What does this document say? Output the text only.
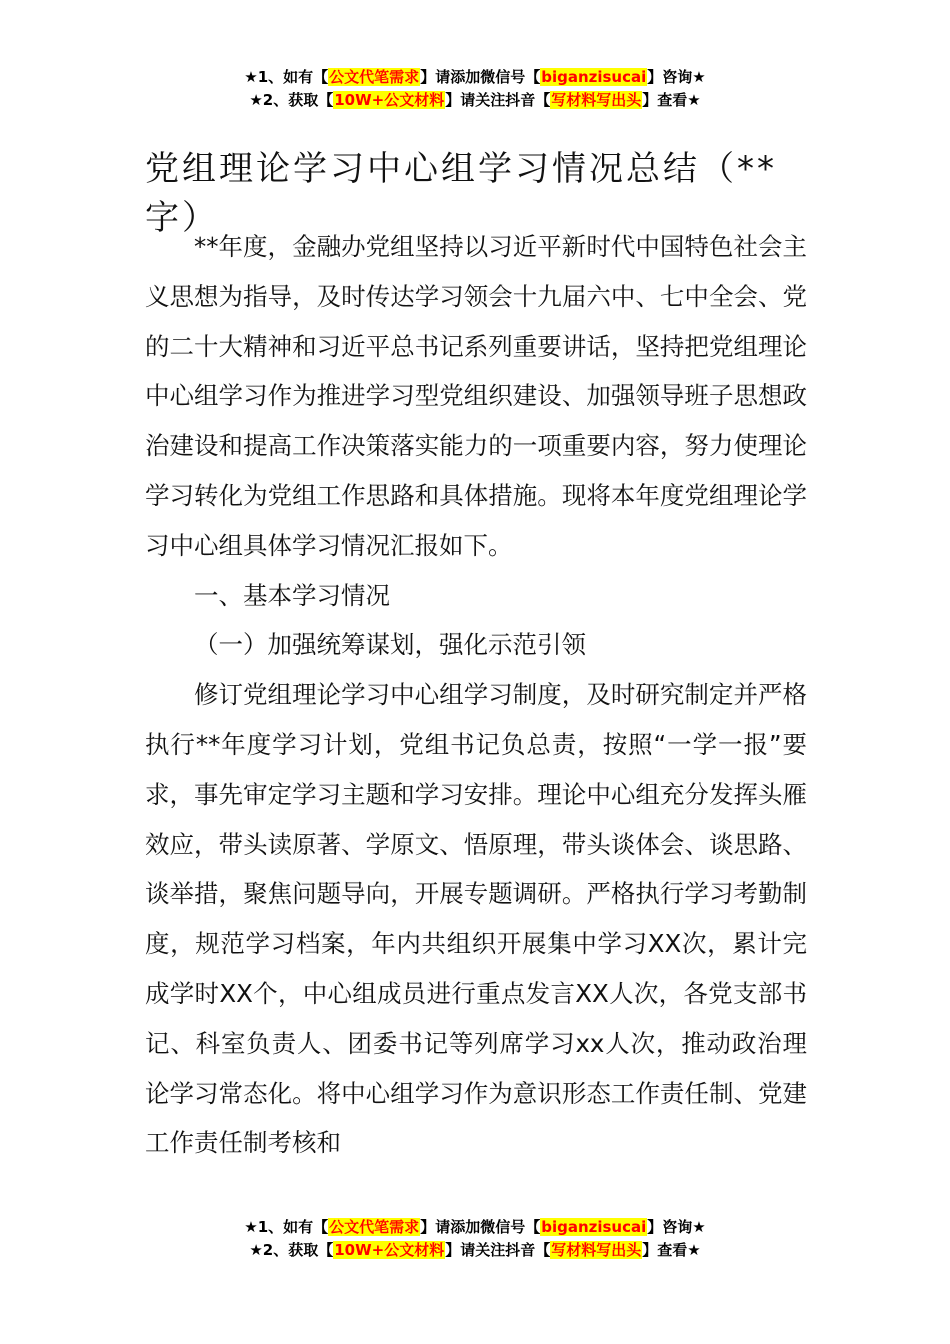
★1、如有【公文代笔需求】请添加微信号【biganzisucai】咨询★
★2、获取【10W+公文材料】请关注抖音【写材料写出头】查看★
党组理论学习中心组学习情况总结（**字）

**年度，金融办党组坚持以习近平新时代中国特色社会主义思想为指导，及时传达学习领会十九届六中、七中全会、党的二十大精神和习近平总书记系列重要讲话，坚持把党组理论中心组学习作为推进学习型党组织建设、加强领导班子思想政治建设和提高工作决策落实能力的一项重要内容，努力使理论学习转化为党组工作思路和具体措施。现将本年度党组理论学习中心组具体学习情况汇报如下。

一、基本学习情况

（一）加强统筹谋划，强化示范引领

修订党组理论学习中心组学习制度，及时研究制定并严格执行**年度学习计划，党组书记负总责，按照“一学一报”要求，事先审定学习主题和学习安排。理论中心组充分发挥头雁效应，带头读原著、学原文、悟原理，带头谈体会、谈思路、谈举措，聚焦问题导向，开展专题调研。严格执行学习考勤制度，规范学习档案，年内共组织开展集中学习XX次，累计完成学时XX个，中心组成员进行重点发言XX人次，各党支部书记、科室负责人、团委书记等列席学习xx人次，推动政治理论学习常态化。将中心组学习作为意识形态工作责任制、党建工作责任制考核和

★1、如有【公文代笔需求】请添加微信号【biganzisucai】咨询★
★2、获取【10W+公文材料】请关注抖音【写材料写出头】查看★
